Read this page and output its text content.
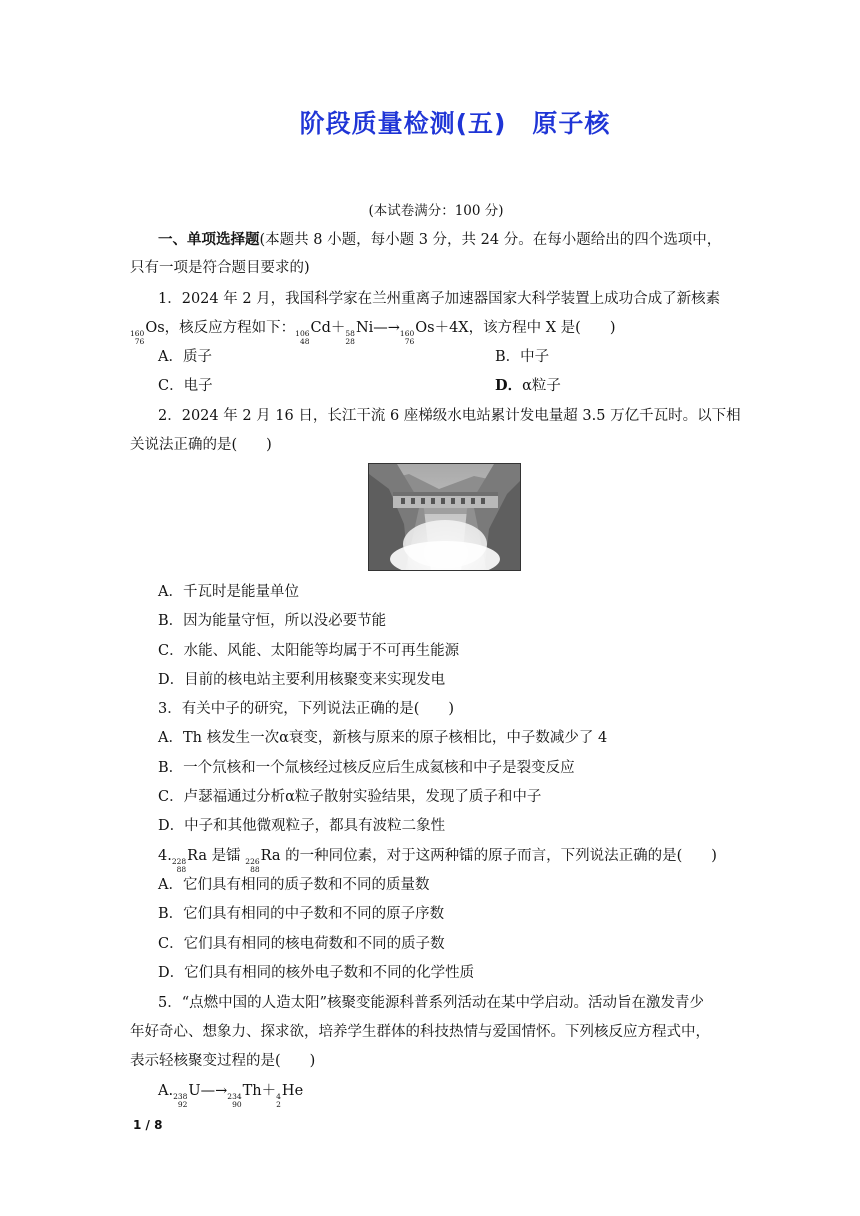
阶段质量检测(五) 原子核
(本试卷满分：100 分)
一、单项选择题(本题共 8 小题，每小题 3 分，共 24 分。在每小题给出的四个选项中，
只有一项是符合题目要求的)
1．2024 年 2 月，我国科学家在兰州重离子加速器国家大科学装置上成功合成了新核素
160
76
Os，核反应方程如下： 106
48
Cd＋ 58
28
Ni—→ 160
76
Os＋4X，该方程中 X 是(　　)
A．质子	B．中子
C．电子	D．α粒子
2．2024 年 2 月 16 日，长江干流 6 座梯级水电站累计发电量超 3.5 万亿千瓦时。以下相
关说法正确的是(　　)
A．千瓦时是能量单位
B．因为能量守恒，所以没必要节能
C．水能、风能、太阳能等均属于不可再生能源
D．目前的核电站主要利用核聚变来实现发电
3．有关中子的研究，下列说法正确的是(　　)
A．Th 核发生一次α衰变，新核与原来的原子核相比，中子数减少了 4
B．一个氘核和一个氚核经过核反应后生成氦核和中子是裂变反应
C．卢瑟福通过分析α粒子散射实验结果，发现了质子和中子
D．中子和其他微观粒子，都具有波粒二象性
4. 228
88
Ra 是镭 226
88
Ra 的一种同位素，对于这两种镭的原子而言，下列说法正确的是(　　)
A．它们具有相同的质子数和不同的质量数
B．它们具有相同的中子数和不同的原子序数
C．它们具有相同的核电荷数和不同的质子数
D．它们具有相同的核外电子数和不同的化学性质
5．“点燃中国的人造太阳”核聚变能源科普系列活动在某中学启动。活动旨在激发青少
年好奇心、想象力、探求欲，培养学生群体的科技热情与爱国情怀。下列核反应方程式中，
表示轻核聚变过程的是(　　)
A. 238
92
U—→ 234
90
Th＋ 4
2
He
1 / 8
